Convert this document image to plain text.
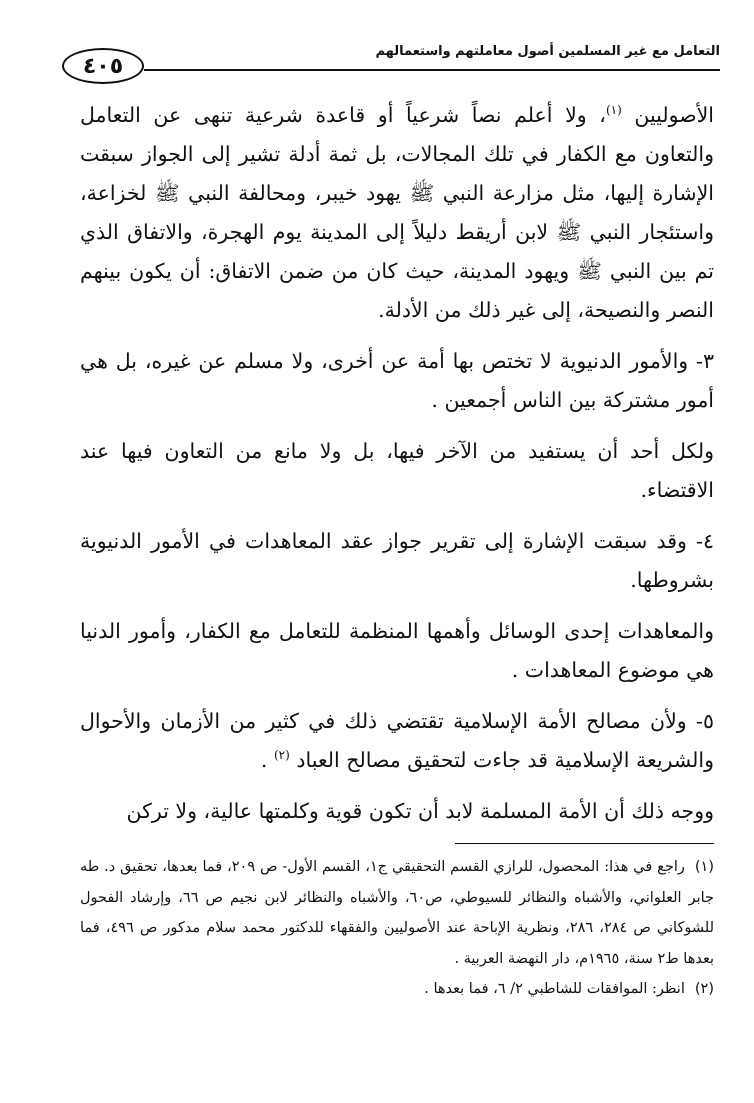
٤٠٥
التعامل مع غير المسلمين أصول معاملتهم واستعمالهم

الأصوليين $^{(١)}$، ولا أعلم نصاً شرعياً أو قاعدة شرعية تنهى عن التعامل والتعاون مع الكفار في تلك المجالات، بل ثمة أدلة تشير إلى الجواز سبقت الإشارة إليها، مثل مزارعة النبي ﷺ يهود خيبر، ومحالفة النبي ﷺ لخزاعة، واستئجار النبي ﷺ لابن أريقط دليلاً إلى المدينة يوم الهجرة، والاتفاق الذي تم بين النبي ﷺ ويهود المدينة، حيث كان من ضمن الاتفاق: أن يكون بينهم النصر والنصيحة، إلى غير ذلك من الأدلة.

٣- والأمور الدنيوية لا تختص بها أمة عن أخرى، ولا مسلم عن غيره، بل هي أمور مشتركة بين الناس أجمعين .

ولكل أحد أن يستفيد من الآخر فيها، بل ولا مانع من التعاون فيها عند الاقتضاء.

٤- وقد سبقت الإشارة إلى تقرير جواز عقد المعاهدات في الأمور الدنيوية بشروطها.

والمعاهدات إحدى الوسائل وأهمها المنظمة للتعامل مع الكفار، وأمور الدنيا هي موضوع المعاهدات .

٥- ولأن مصالح الأمة الإسلامية تقتضي ذلك في كثير من الأزمان والأحوال والشريعة الإسلامية قد جاءت لتحقيق مصالح العباد $^{(٢)}$ .

ووجه ذلك أن الأمة المسلمة لابد أن تكون قوية وكلمتها عالية، ولا تركن

(١)راجع في هذا: المحصول، للرازي القسم التحقيقي ج١، القسم الأول- ص ٢٠٩، فما بعدها، تحقيق د. طه جابر العلواني، والأشباه والنظائر للسيوطي، ص٦٠، والأشباه والنظائر لابن نجيم ص ٦٦، وإرشاد الفحول للشوكاني ص ٢٨٤، ٢٨٦، ونظرية الإباحة عند الأصوليين والفقهاء للدكتور محمد سلام مدكور ص ٤٩٦، فما بعدها ط٢ سنة، ١٩٦٥م، دار النهضة العربية .

(٢)انظر: الموافقات للشاطبي ٢/ ٦، فما بعدها .
